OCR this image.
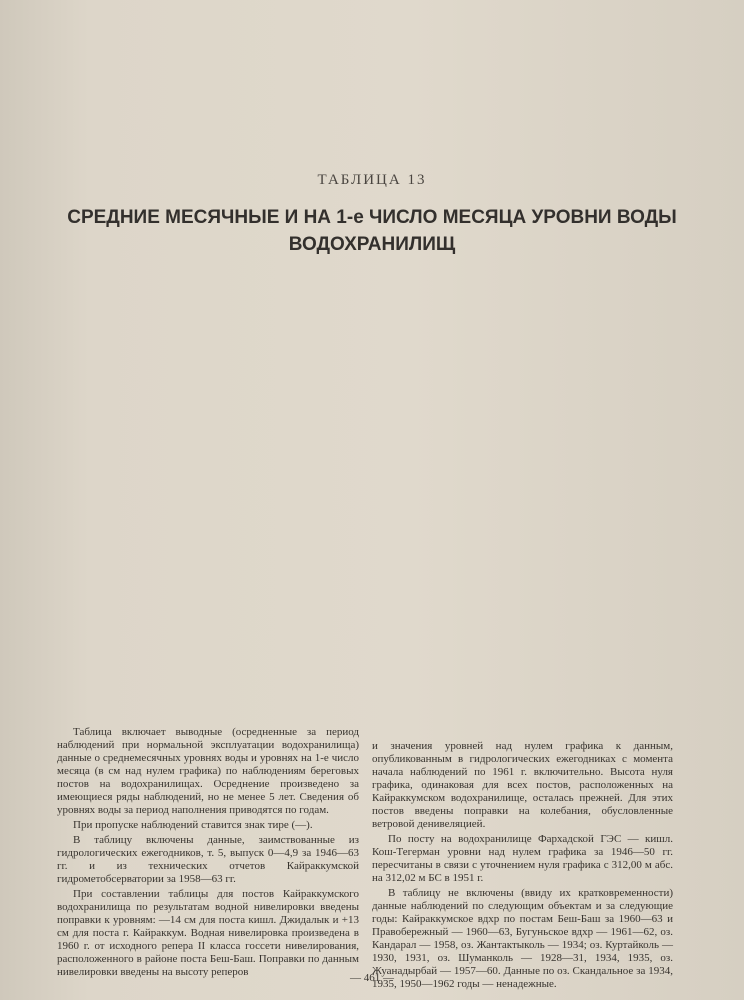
ТАБЛИЦА 13
СРЕДНИЕ МЕСЯЧНЫЕ И НА 1-е ЧИСЛО МЕСЯЦА УРОВНИ ВОДЫ
ВОДОХРАНИЛИЩ

Таблица включает выводные (осредненные за период наблюдений при нормальной эксплуатации водохранилища) данные о среднемесячных уровнях воды и уровнях на 1-е число месяца (в см над нулем графика) по наблюдениям береговых постов на водохранилищах. Осреднение произведено за имеющиеся ряды наблюдений, но не менее 5 лет. Сведения об уровнях воды за период наполнения приводятся по годам.

При пропуске наблюдений ставится знак тире (—).

В таблицу включены данные, заимствованные из гидрологических ежегодников, т. 5, выпуск 0—4,9 за 1946—63 гг. и из технических отчетов Кайраккумской гидрометобсерватории за 1958—63 гг.

При составлении таблицы для постов Кайраккумского водохранилища по результатам водной нивелировки введены поправки к уровням: —14 см для поста кишл. Джидалык и +13 см для поста г. Кайраккум. Водная нивелировка произведена в 1960 г. от исходного репера II класса госсети нивелирования, расположенного в районе поста Беш-Баш. Поправки по данным нивелировки введены на высоту реперов

и значения уровней над нулем графика к данным, опубликованным в гидрологических ежегодниках с момента начала наблюдений по 1961 г. включительно. Высота нуля графика, одинаковая для всех постов, расположенных на Кайраккумском водохранилище, осталась прежней. Для этих постов введены поправки на колебания, обусловленные ветровой денивеляцией.

По посту на водохранилище Фархадской ГЭС — кишл. Кош-Тегерман уровни над нулем графика за 1946—50 гг. пересчитаны в связи с уточнением нуля графика с 312,00 м абс. на 312,02 м БС в 1951 г.

В таблицу не включены (ввиду их кратковременности) данные наблюдений по следующим объектам и за следующие годы: Кайраккумское вдхр по постам Беш-Баш за 1960—63 и Правобережный — 1960—63, Бугуньское вдхр — 1961—62, оз. Кандарал — 1958, оз. Жантактыколь — 1934; оз. Куртайколь — 1930, 1931, оз. Шуманколь — 1928—31, 1934, 1935, оз. Жуанадырбай — 1957—60. Данные по оз. Скандальное за 1934, 1935, 1950—1962 годы — ненадежные.

— 461 —
